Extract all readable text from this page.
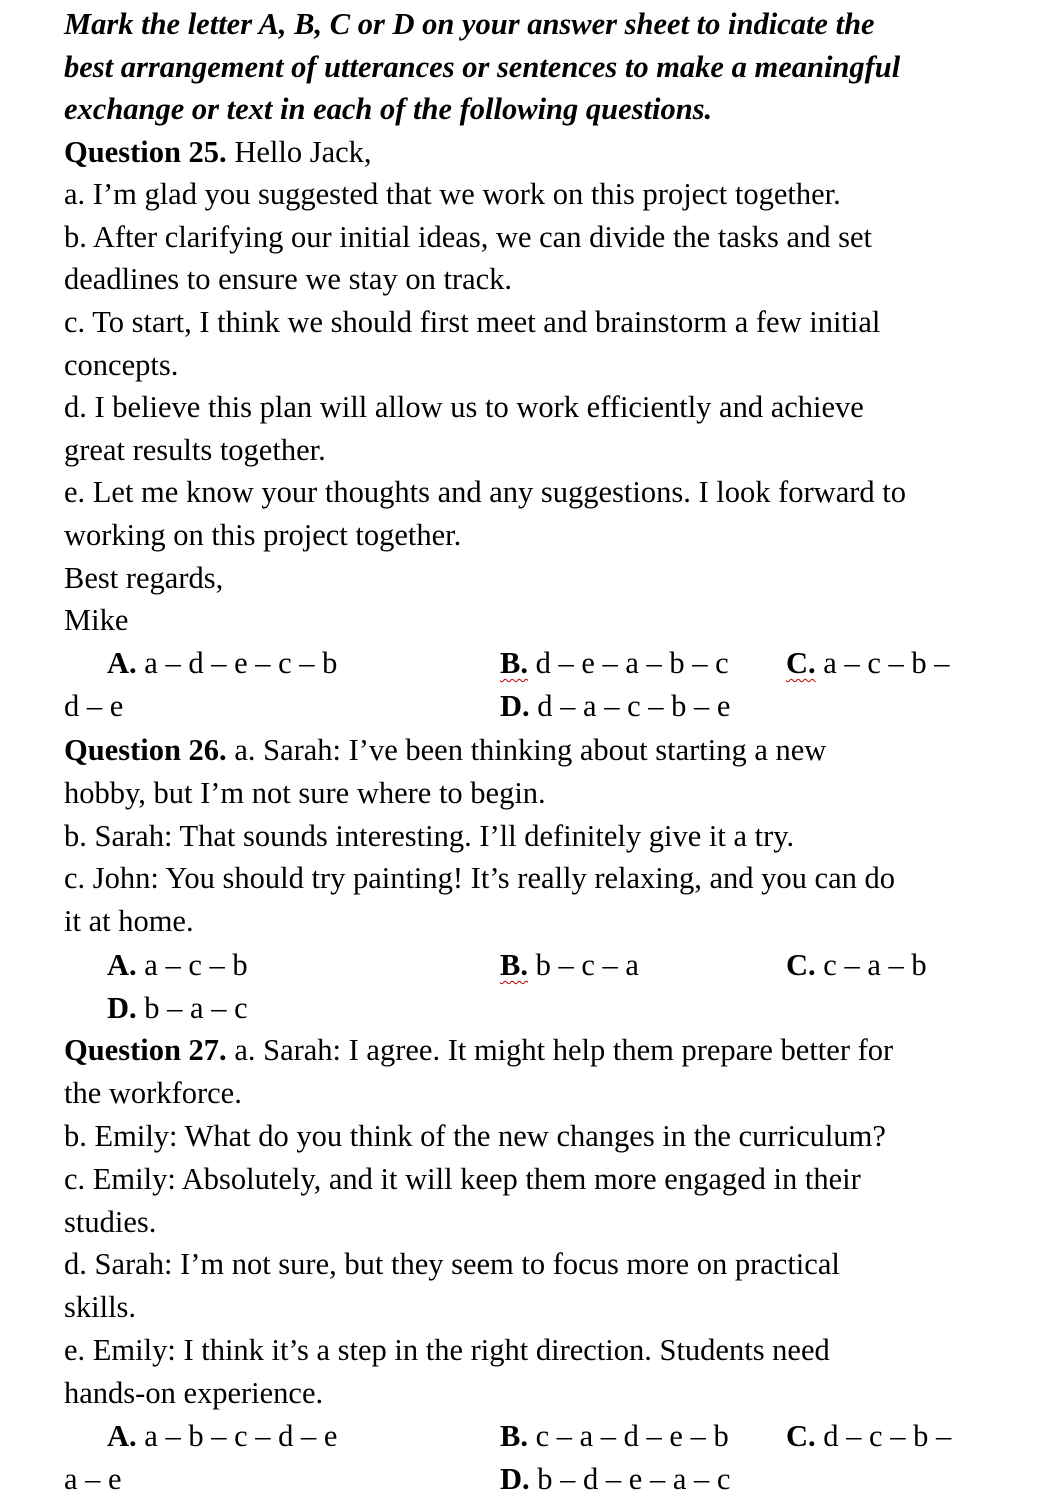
Mark the letter A, B, C or D on your answer sheet to indicate the
best arrangement of utterances or sentences to make a meaningful
exchange or text in each of the following questions.
Question 25. Hello Jack,
a. I’m glad you suggested that we work on this project together.
b. After clarifying our initial ideas, we can divide the tasks and set
deadlines to ensure we stay on track.
c. To start, I think we should first meet and brainstorm a few initial
concepts.
d. I believe this plan will allow us to work efficiently and achieve
great results together.
e. Let me know your thoughts and any suggestions. I look forward to
working on this project together.
Best regards,
Mike
A. a – d – e – c – b	B. d – e – a – b – c C. a – c – b –
d – e	D. d – a – c – b – e
Question 26. a. Sarah: I’ve been thinking about starting a new
hobby, but I’m not sure where to begin.
b. Sarah: That sounds interesting. I’ll definitely give it a try.
c. John: You should try painting! It’s really relaxing, and you can do
it at home.
A. a – c – b	B. b – c – a	C. c – a – b
D. b – a – c
Question 27. a. Sarah: I agree. It might help them prepare better for
the workforce.
b. Emily: What do you think of the new changes in the curriculum?
c. Emily: Absolutely, and it will keep them more engaged in their
studies.
d. Sarah: I’m not sure, but they seem to focus more on practical
skills.
e. Emily: I think it’s a step in the right direction. Students need
hands-on experience.
A. a – b – c – d – e	B. c – a – d – e – b C. d – c – b –
a – e	D. b – d – e – a – c
